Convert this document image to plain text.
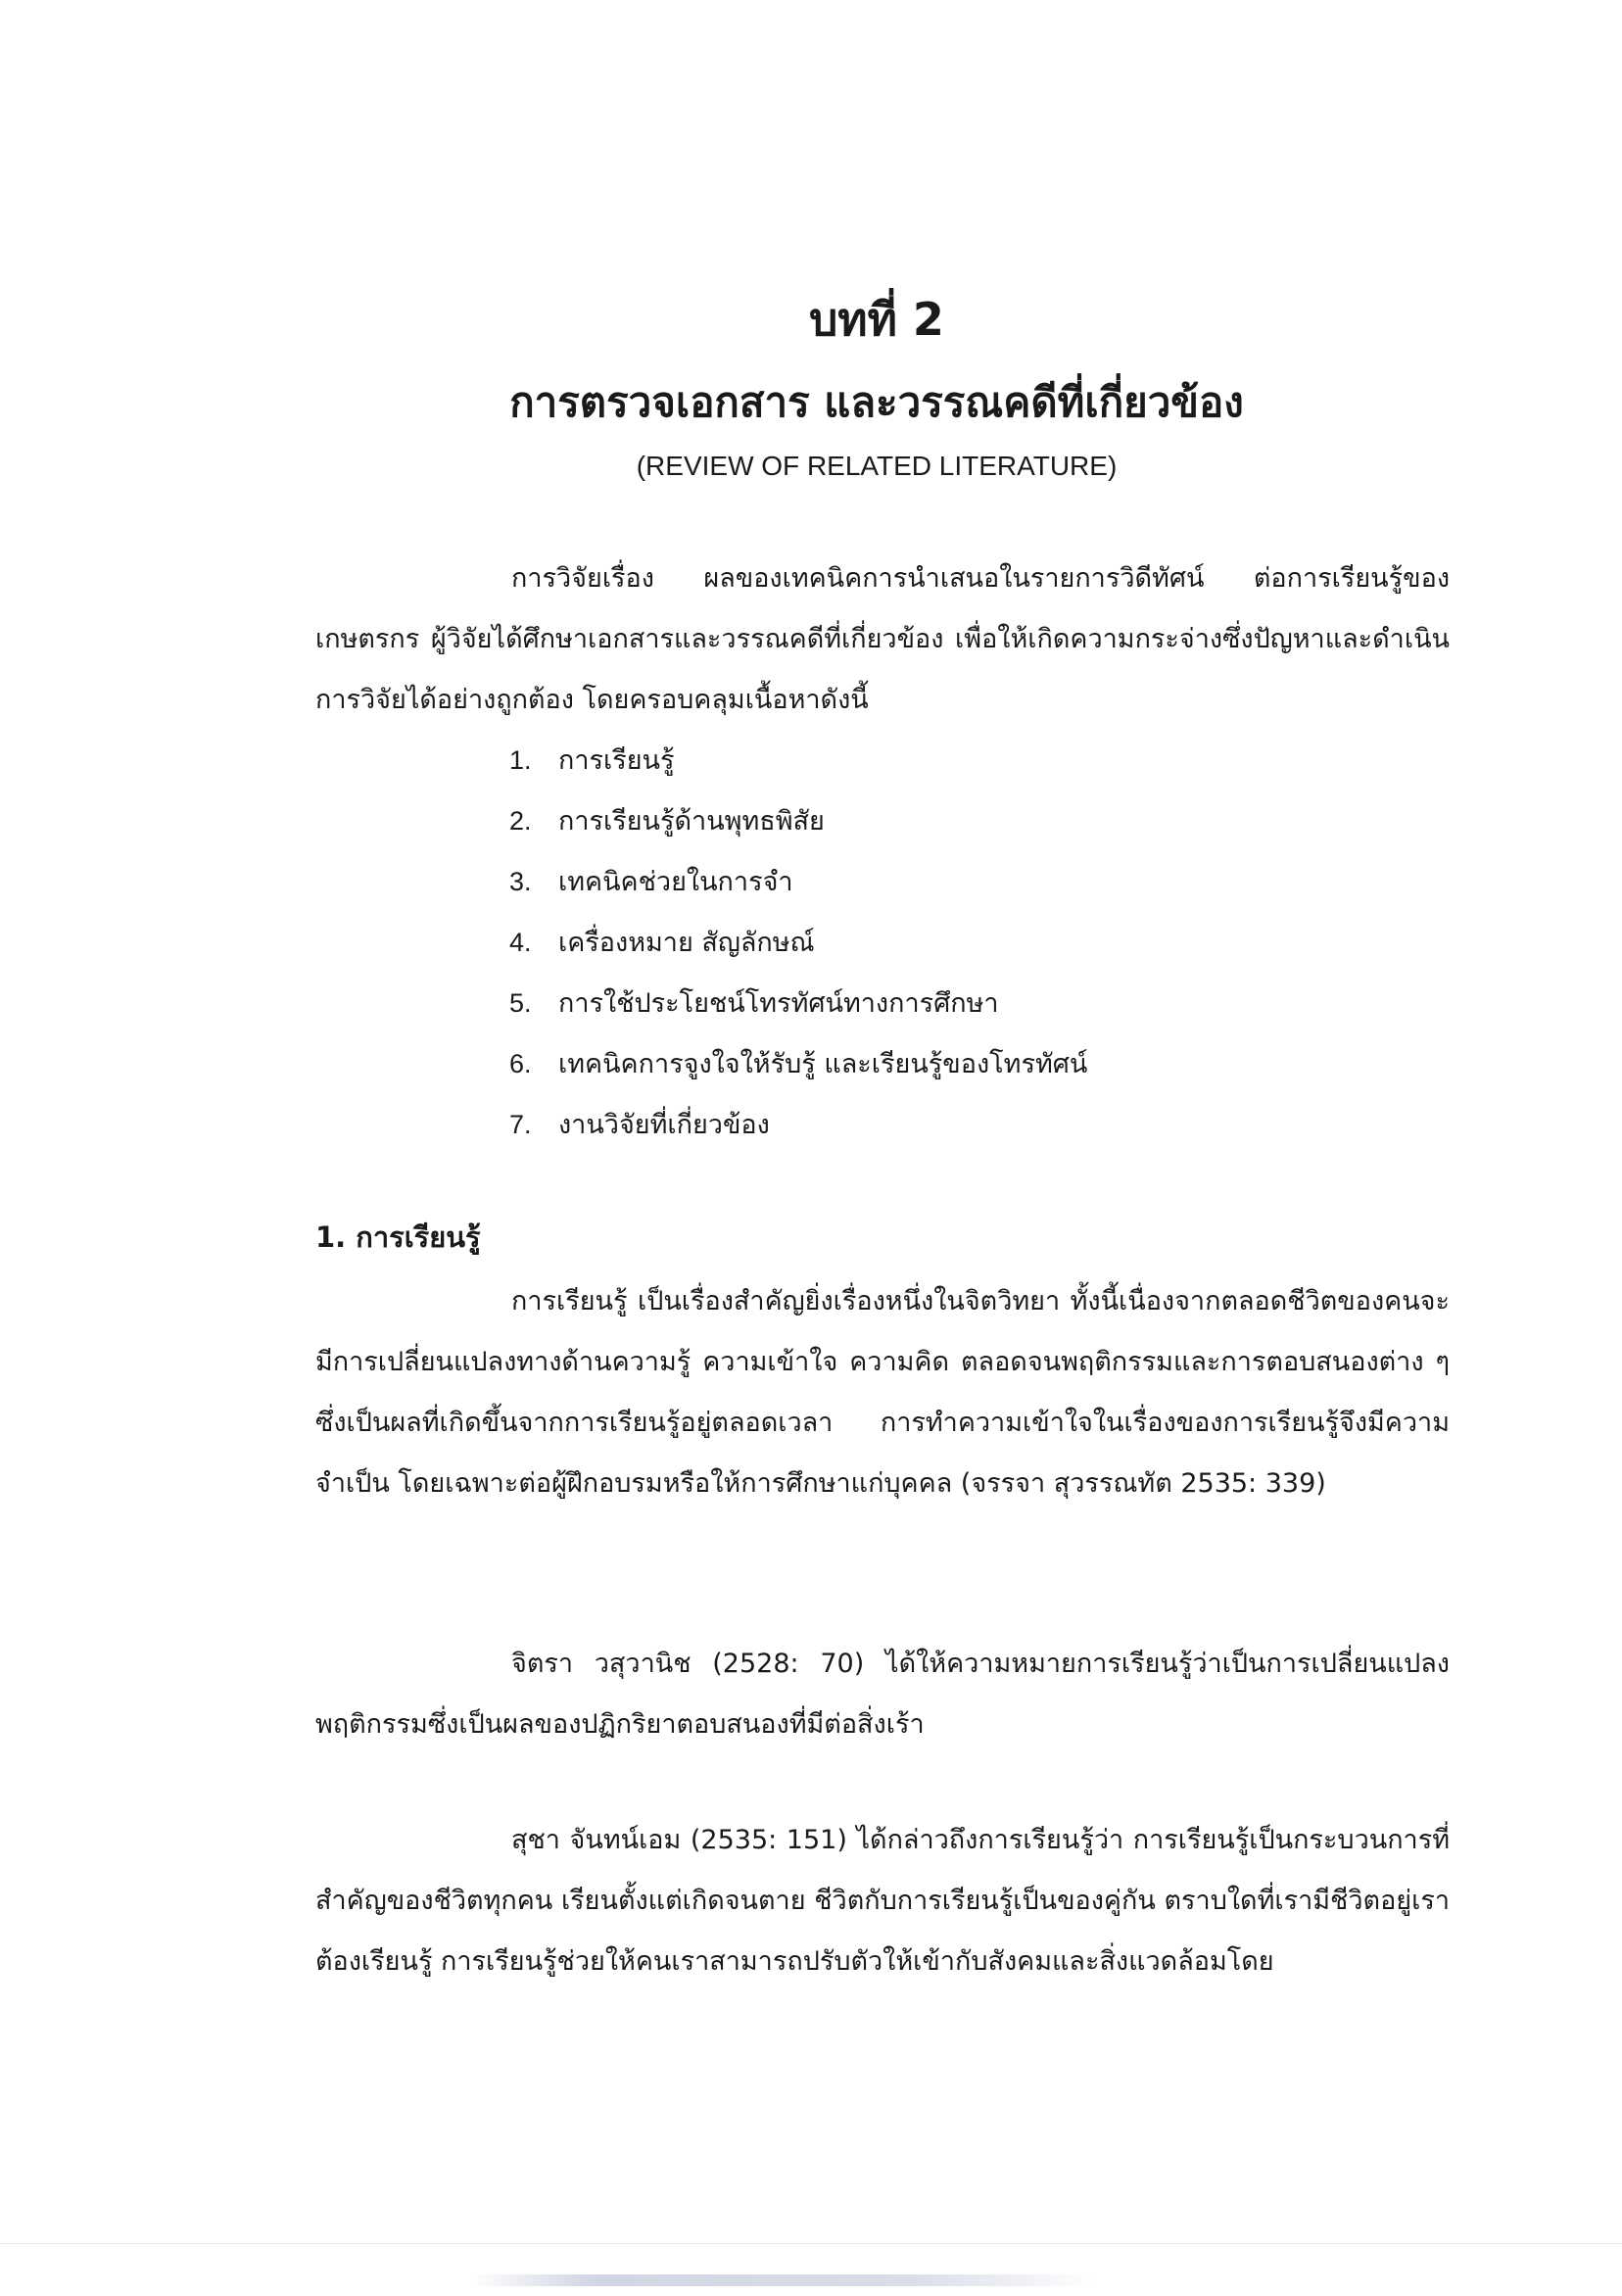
บทที่ 2
การตรวจเอกสาร และวรรณคดีที่เกี่ยวข้อง
(REVIEW OF RELATED LITERATURE)
การวิจัยเรื่อง ผลของเทคนิคการนำเสนอในรายการวิดีทัศน์ ต่อการเรียนรู้ของเกษตรกร ผู้วิจัยได้ศึกษาเอกสารและวรรณคดีที่เกี่ยวข้อง เพื่อให้เกิดความกระจ่างซึ่งปัญหาและดำเนินการวิจัยได้อย่างถูกต้อง โดยครอบคลุมเนื้อหาดังนี้
1. การเรียนรู้
2. การเรียนรู้ด้านพุทธพิสัย
3. เทคนิคช่วยในการจำ
4. เครื่องหมาย สัญลักษณ์
5. การใช้ประโยชน์โทรทัศน์ทางการศึกษา
6. เทคนิคการจูงใจให้รับรู้ และเรียนรู้ของโทรทัศน์
7. งานวิจัยที่เกี่ยวข้อง
1. การเรียนรู้
การเรียนรู้ เป็นเรื่องสำคัญยิ่งเรื่องหนึ่งในจิตวิทยา ทั้งนี้เนื่องจากตลอดชีวิตของคนจะมีการเปลี่ยนแปลงทางด้านความรู้ ความเข้าใจ ความคิด ตลอดจนพฤติกรรมและการตอบสนองต่าง ๆ ซึ่งเป็นผลที่เกิดขึ้นจากการเรียนรู้อยู่ตลอดเวลา การทำความเข้าใจในเรื่องของการเรียนรู้จึงมีความจำเป็น โดยเฉพาะต่อผู้ฝึกอบรมหรือให้การศึกษาแก่บุคคล (จรรจา สุวรรณทัต 2535: 339)
จิตรา วสุวานิช (2528: 70) ได้ให้ความหมายการเรียนรู้ว่าเป็นการเปลี่ยนแปลงพฤติกรรมซึ่งเป็นผลของปฏิกริยาตอบสนองที่มีต่อสิ่งเร้า
สุชา จันทน์เอม (2535: 151) ได้กล่าวถึงการเรียนรู้ว่า การเรียนรู้เป็นกระบวนการที่สำคัญของชีวิตทุกคน เรียนตั้งแต่เกิดจนตาย ชีวิตกับการเรียนรู้เป็นของคู่กัน ตราบใดที่เรามีชีวิตอยู่เราต้องเรียนรู้ การเรียนรู้ช่วยให้คนเราสามารถปรับตัวให้เข้ากับสังคมและสิ่งแวดล้อมโดย
